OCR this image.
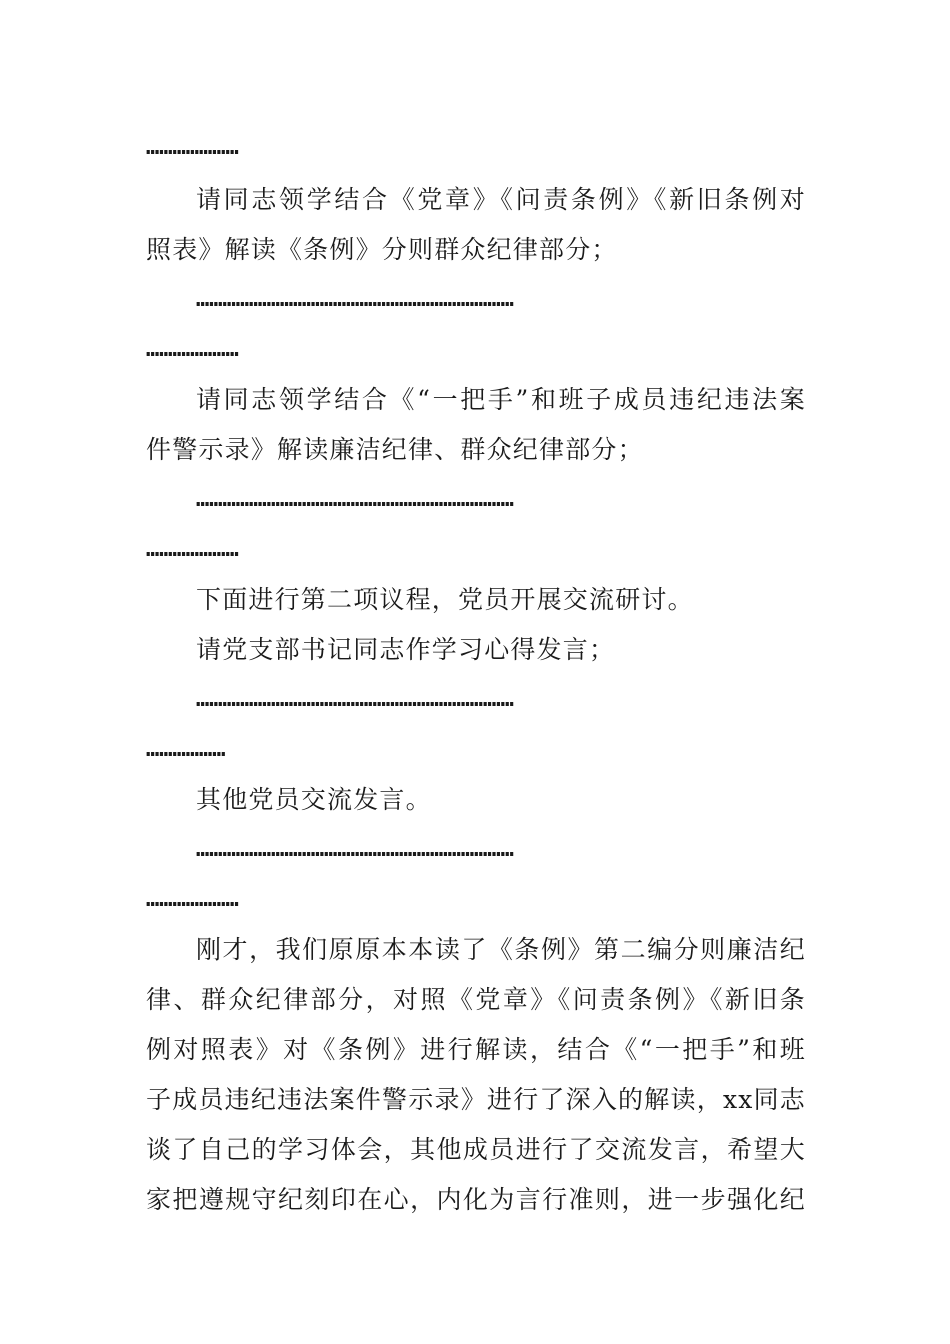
…………………
请同志领学结合《党章》《问责条例》《新旧条例对
照表》解读《条例》分则群众纪律部分；
………………………………………………………………
…………………
请同志领学结合《“一把手”和班子成员违纪违法案
件警示录》解读廉洁纪律、群众纪律部分；
………………………………………………………………
…………………
下面进行第二项议程，党员开展交流研讨。
请党支部书记同志作学习心得发言；
………………………………………………………………
………………
其他党员交流发言。
………………………………………………………………
…………………
刚才，我们原原本本读了《条例》第二编分则廉洁纪
律、群众纪律部分，对照《党章》《问责条例》《新旧条
例对照表》对《条例》进行解读，结合《“一把手”和班
子成员违纪违法案件警示录》进行了深入的解读，xx同志
谈了自己的学习体会，其他成员进行了交流发言，希望大
家把遵规守纪刻印在心，内化为言行准则，进一步强化纪
